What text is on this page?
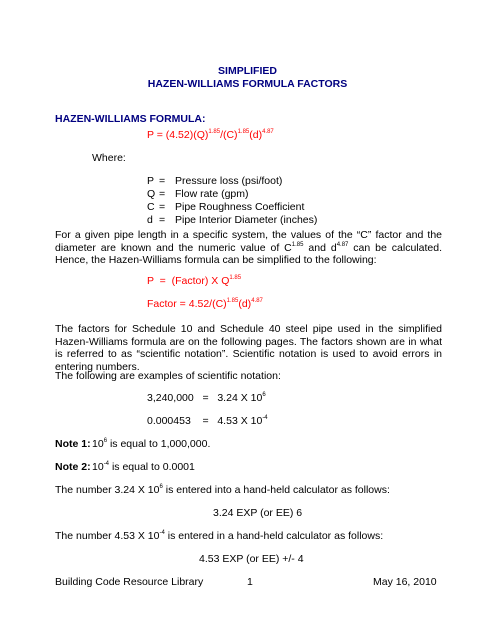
SIMPLIFIED
HAZEN-WILLIAMS FORMULA FACTORS
HAZEN-WILLIAMS FORMULA:
$P = (4.52)(Q)^{1.85}/(C)^{1.85}(d)^{4.87}$
Where:
P = Pressure loss (psi/foot)
Q = Flow rate (gpm)
C = Pipe Roughness Coefficient
d = Pipe Interior Diameter (inches)
For a given pipe length in a specific system, the values of the “C” factor and the diameter are known and the numeric value of $C^{1.85}$ and $d^{4.87}$ can be calculated. Hence, the Hazen-Williams formula can be simplified to the following:
P  =  (Factor) X $Q^{1.85}$
Factor = $4.52/(C)^{1.85}(d)^{4.87}$
The factors for Schedule 10 and Schedule 40 steel pipe used in the simplified Hazen-Williams formula are on the following pages. The factors shown are in what is referred to as “scientific notation”. Scientific notation is used to avoid errors in entering numbers.
The following are examples of scientific notation:
3,240,000   =   3.24 X $10^6$
0.000453    =   4.53 X $10^{-4}$
Note $1:10^6$ is equal to 1,000,000.
Note $2:10^{-4}$ is equal to 0.0001
The number 3.24 X $10^6$ is entered into a hand-held calculator as follows:
3.24 EXP (or EE) 6
The number 4.53 X $10^{-4}$ is entered in a hand-held calculator as follows:
4.53 EXP (or EE) +/- 4
Building Code Resource Library	1	May 16, 2010
